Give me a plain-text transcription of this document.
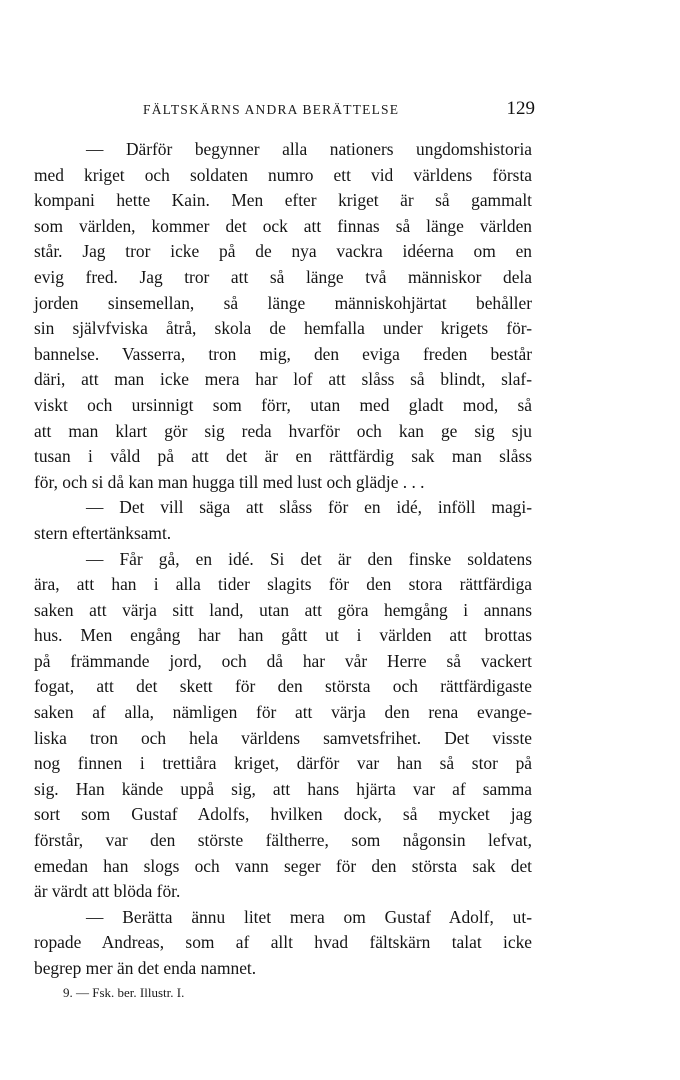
FÄLTSKÄRNS ANDRA BERÄTTELSE	129
— Därför begynner alla nationers ungdomshistoria
med kriget och soldaten numro ett vid världens första
kompani hette Kain. Men efter kriget är så gammalt
som världen, kommer det ock att finnas så länge världen
står. Jag tror icke på de nya vackra idéerna om en
evig fred. Jag tror att så länge två människor dela
jorden sinsemellan, så länge människohjärtat behåller
sin självfviska åtrå, skola de hemfalla under krigets för-
bannelse. Vasserra, tron mig, den eviga freden består
däri, att man icke mera har lof att slåss så blindt, slaf-
viskt och ursinnigt som förr, utan med gladt mod, så
att man klart gör sig reda hvarför och kan ge sig sju
tusan i våld på att det är en rättfärdig sak man slåss
för, och si då kan man hugga till med lust och glädje . . .
— Det vill säga att slåss för en idé, inföll magi-
stern eftertänksamt.
— Får gå, en idé. Si det är den finske soldatens
ära, att han i alla tider slagits för den stora rättfärdiga
saken att värja sitt land, utan att göra hemgång i annans
hus. Men engång har han gått ut i världen att brottas
på främmande jord, och då har vår Herre så vackert
fogat, att det skett för den största och rättfärdigaste
saken af alla, nämligen för att värja den rena evange-
liska tron och hela världens samvetsfrihet. Det visste
nog finnen i trettiåra kriget, därför var han så stor på
sig. Han kände uppå sig, att hans hjärta var af samma
sort som Gustaf Adolfs, hvilken dock, så mycket jag
förstår, var den störste fältherre, som någonsin lefvat,
emedan han slogs och vann seger för den största sak det
är värdt att blöda för.
— Berätta ännu litet mera om Gustaf Adolf, ut-
ropade Andreas, som af allt hvad fältskärn talat icke
begrep mer än det enda namnet.
9. — Fsk. ber. Illustr. I.
